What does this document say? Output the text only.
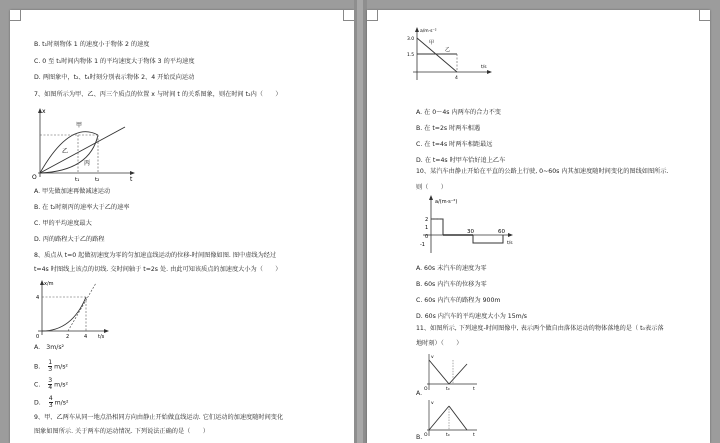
B. t₁时刻物体 1 的速度小于物体 2 的速度
C. 0 至 t₁时间内物体 1 的平均速度大于物体 3 的平均速度
D. 两图象中，t₂、t₄时刻分别表示物体 2、4 开始反向运动
7、如图所示为甲、乙、丙三个质点的位置 x 与时间 t 的关系图象，则在时间 t₂内（　　）
x
O	t
甲
乙
丙
t₁	t₂
A. 甲先做加速再做减速运动
B. 在 t₂时刻丙的速率大于乙的速率
C. 甲的平均速度最大
D. 丙的路程大于乙的路程
8、质点从 t=0 起做初速度为零的匀加速直线运动的位移-时间图像如图. 图中虚线为经过
t=4s 时图线上该点的切线. 交时间轴于 t=2s 处. 由此可知该质点的加速度大小为（　　）
x/m
4
2	4
0	t/s
A.　3m/s²
B. $\frac{1}{3} m/s^2$
C. $\frac{3}{4} m/s^2$
D. $\frac{4}{3} m/s^2$
9、甲、乙两车从同一地点沿相同方向由静止开始做直线运动. 它们运动的加速度随时间变化
图象如图所示. 关于两车的运动情况. 下列说法正确的是（　　）
a/m·s⁻²
3.0
1.5
t/s
甲
乙
4
A. 在 0～4s 内两车的合力不变
B. 在 t=2s 时两车相遇
C. 在 t=4s 时两车相距最远
D. 在 t=4s 时甲车恰好追上乙车
10、某汽车由静止开始在平直的公路上行驶, 0~60s 内其加速度随时间变化的图线如图所示.
则（　　）
a/(m·s⁻²)
2
1
0
-1
30	60
t/s
A. 60s 末汽车的速度为零
B. 60s 内汽车的位移为零
C. 60s 内汽车的路程为 900m
D. 60s 内汽车的平均速度大小为 15m/s
11、如图所示, 下列速度-时间图像中, 表示两个做自由落体运动的物体落地的是（ t₀表示落
地时刻）（　　）
v
O	t₀	t
A.
v
O	t₀	t
B.
